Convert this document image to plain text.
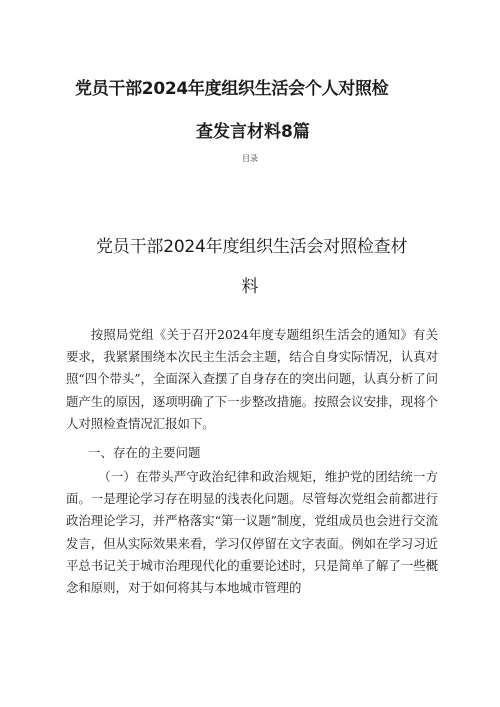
党员干部2024年度组织生活会个人对照检
查发言材料8篇
目录
党员干部2024年度组织生活会对照检查材
料

按照局党组《关于召开2024年度专题组织生活会的通知》有关要求，我紧紧围绕本次民主生活会主题，结合自身实际情况，认真对照“四个带头”，全面深入查摆了自身存在的突出问题，认真分析了问题产生的原因，逐项明确了下一步整改措施。按照会议安排，现将个人对照检查情况汇报如下。

一、存在的主要问题

（一）在带头严守政治纪律和政治规矩，维护党的团结统一方面。一是理论学习存在明显的浅表化问题。尽管每次党组会前都进行政治理论学习，并严格落实“第一议题”制度，党组成员也会进行交流发言，但从实际效果来看，学习仅停留在文字表面。例如在学习习近平总书记关于城市治理现代化的重要论述时，只是简单了解了一些概念和原则，对于如何将其与本地城市管理的
